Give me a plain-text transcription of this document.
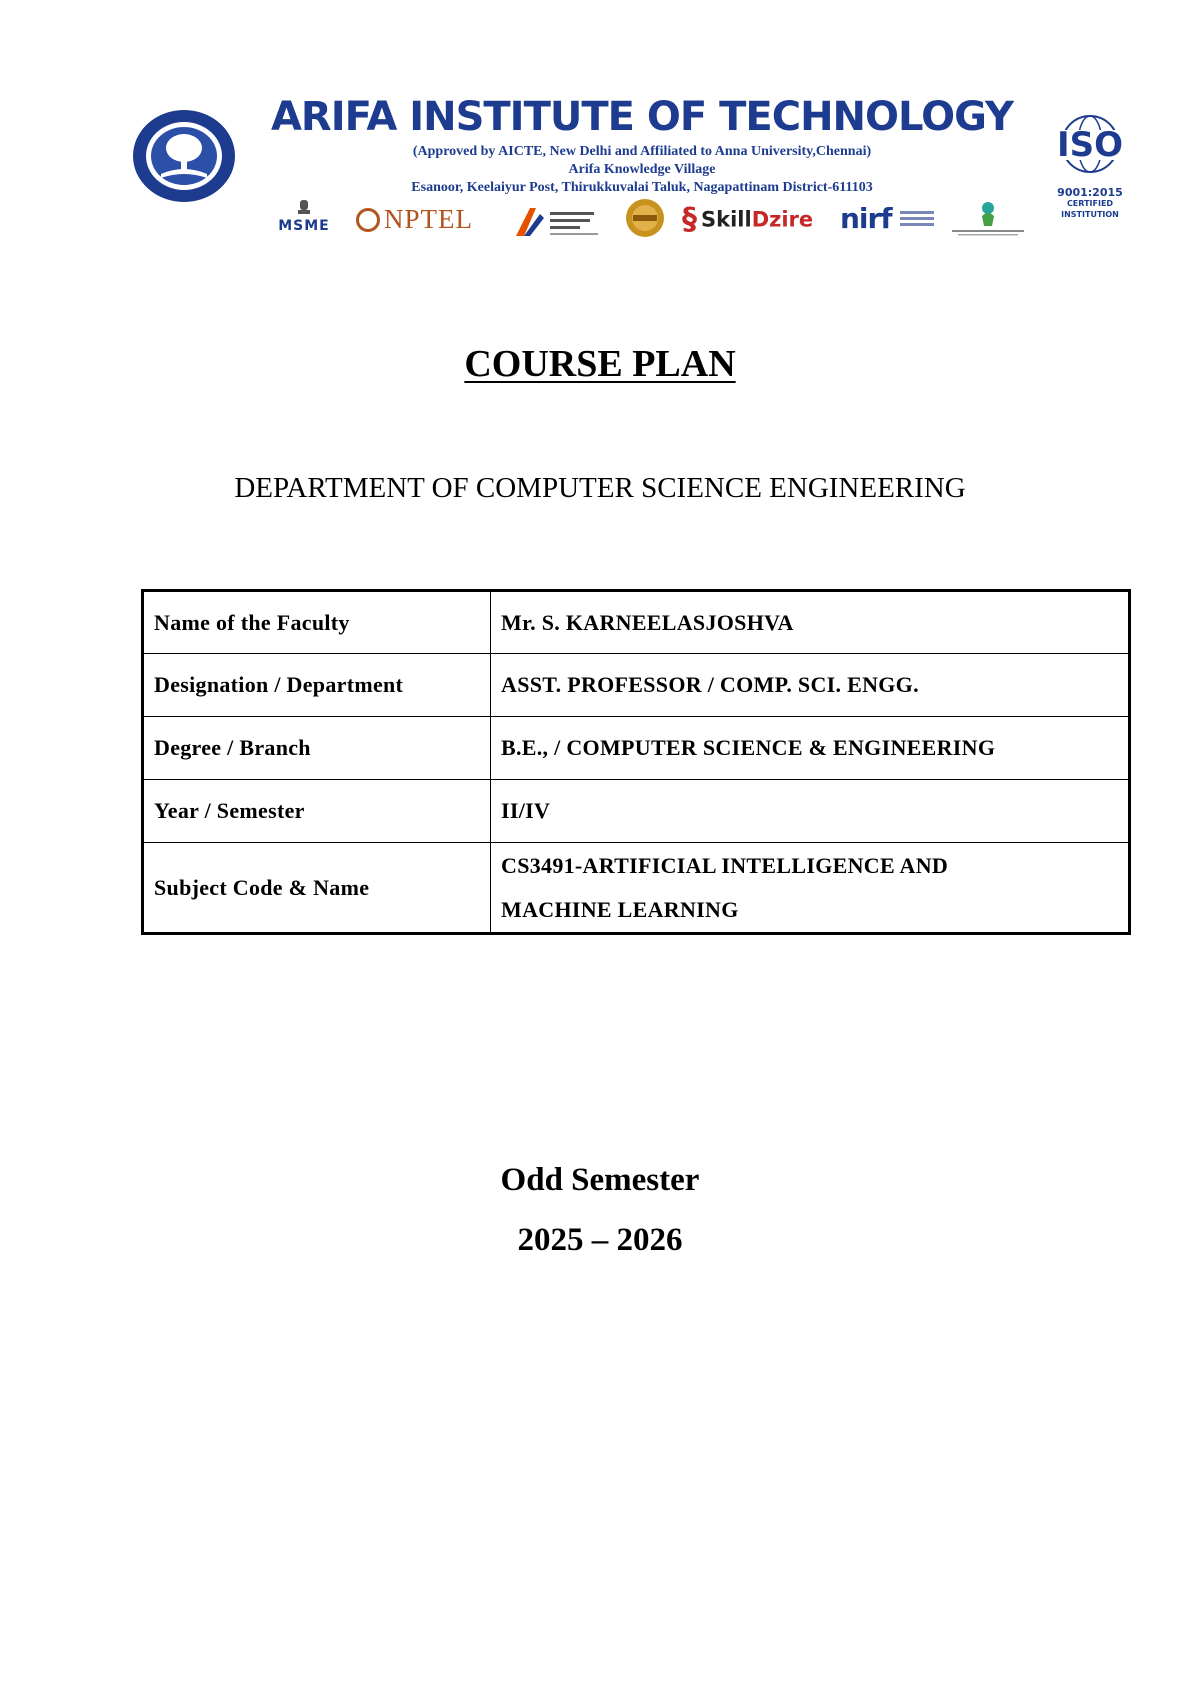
ARIFA INSTITUTE OF TECHNOLOGY
(Approved by AICTE, New Delhi and Affiliated to Anna University,Chennai)
Arifa Knowledge Village
Esanoor, Keelaiyur Post, Thirukkuvalai Taluk, Nagapattinam District-611103
ISO
9001:2015
CERTIFIED
INSTITUTION
MSME	NPTEL	§ SkillDzire nirf
COURSE PLAN
DEPARTMENT OF COMPUTER SCIENCE ENGINEERING
Name of the Faculty	Mr. S. KARNEELASJOSHVA
Designation / Department	ASST. PROFESSOR / COMP. SCI. ENGG.
Degree / Branch	B.E., / COMPUTER SCIENCE & ENGINEERING
Year / Semester	II/IV
Subject Code & Name	CS3491-ARTIFICIAL INTELLIGENCE AND
MACHINE LEARNING
Odd Semester
2025 – 2026
